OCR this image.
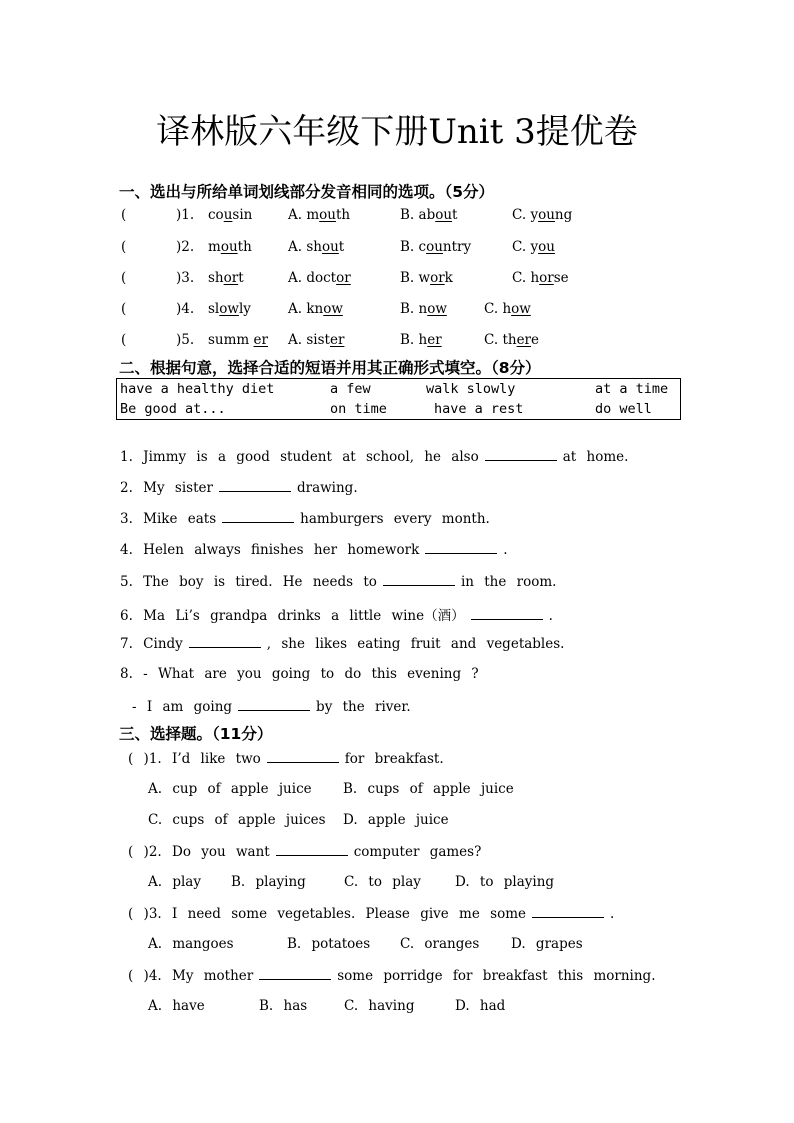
译林版六年级下册Unit 3提优卷
一、选出与所给单词划线部分发音相同的选项。（5分）
(	)1. cousin	A. mouth	B. about	C. young
(	)2. mouth	A. shout	B. country	C. you
(	)3. short	A. doctor	B. work	C. horse
(	)4. slowly	A. know	B. now	C. how
(	)5. summ er A. sister	B. her	C. there
二、根据句意，选择合适的短语并用其正确形式填空。（8分）
have a healthy diet	a few	walk slowly	at a time
Be good at...	on time	have a rest	do well
1. Jimmy is a good student at school, he also	at home.
2. My sister	drawing.
3. Mike eats	hamburgers every month.
4. Helen always finishes her homework	.
5. The boy is tired. He needs to	in the room.
6. Ma Li’s grandpa drinks a little wine（酒）	.
7. Cindy	, she likes eating fruit and vegetables.
8. - What are you going to do this evening ?
- I am going	by the river.
三、选择题。（11分）
( )1. I’d like two	for breakfast.
A. cup of apple juice B. cups of apple juice
C. cups of apple juices D. apple juice
( )2. Do you want	computer games?
A. play B. playing	C. to play	D. to playing
( )3. I need some vegetables. Please give me some	.
A. mangoes	B. potatoes C. oranges D. grapes
( )4. My mother	some porridge for breakfast this morning.
A. have	B. has	C. having	D. had
